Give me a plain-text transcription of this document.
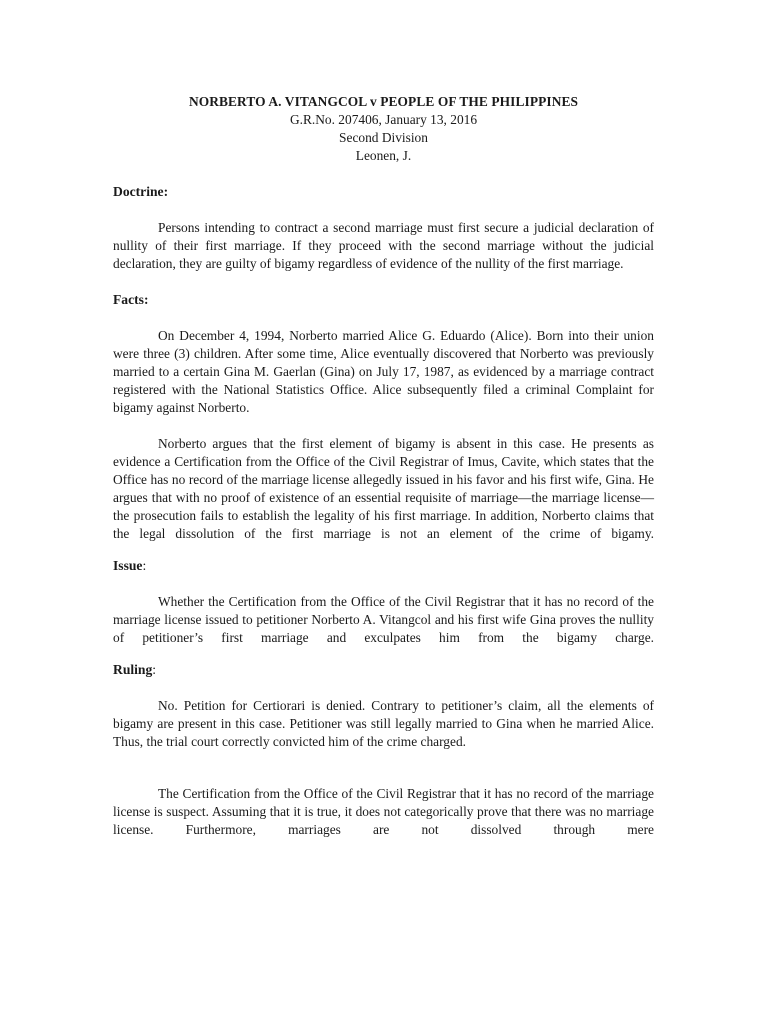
NORBERTO A. VITANGCOL v PEOPLE OF THE PHILIPPINES
G.R.No. 207406, January 13, 2016
Second Division
Leonen, J.

Doctrine:

Persons intending to contract a second marriage must first secure a judicial declaration of nullity of their first marriage. If they proceed with the second marriage without the judicial declaration, they are guilty of bigamy regardless of evidence of the nullity of the first marriage.

Facts:

On December 4, 1994, Norberto married Alice G. Eduardo (Alice). Born into their union were three (3) children. After some time, Alice eventually discovered that Norberto was previously married to a certain Gina M. Gaerlan (Gina) on July 17, 1987, as evidenced by a marriage contract registered with the National Statistics Office. Alice subsequently filed a criminal Complaint for bigamy against Norberto.

Norberto argues that the first element of bigamy is absent in this case. He presents as evidence a Certification from the Office of the Civil Registrar of Imus, Cavite, which states that the Office has no record of the marriage license allegedly issued in his favor and his first wife, Gina. He argues that with no proof of existence of an essential requisite of marriage—the marriage license—the prosecution fails to establish the legality of his first marriage. In addition, Norberto claims that the legal dissolution of the first marriage is not an element of the crime of bigamy.

Issue:

Whether the Certification from the Office of the Civil Registrar that it has no record of the marriage license issued to petitioner Norberto A. Vitangcol and his first wife Gina proves the nullity of petitioner’s first marriage and exculpates him from the bigamy charge.

Ruling:

No. Petition for Certiorari is denied. Contrary to petitioner’s claim, all the elements of bigamy are present in this case. Petitioner was still legally married to Gina when he married Alice. Thus, the trial court correctly convicted him of the crime charged.

The Certification from the Office of the Civil Registrar that it has no record of the marriage license is suspect. Assuming that it is true, it does not categorically prove that there was no marriage license. Furthermore, marriages are not dissolved through mere
